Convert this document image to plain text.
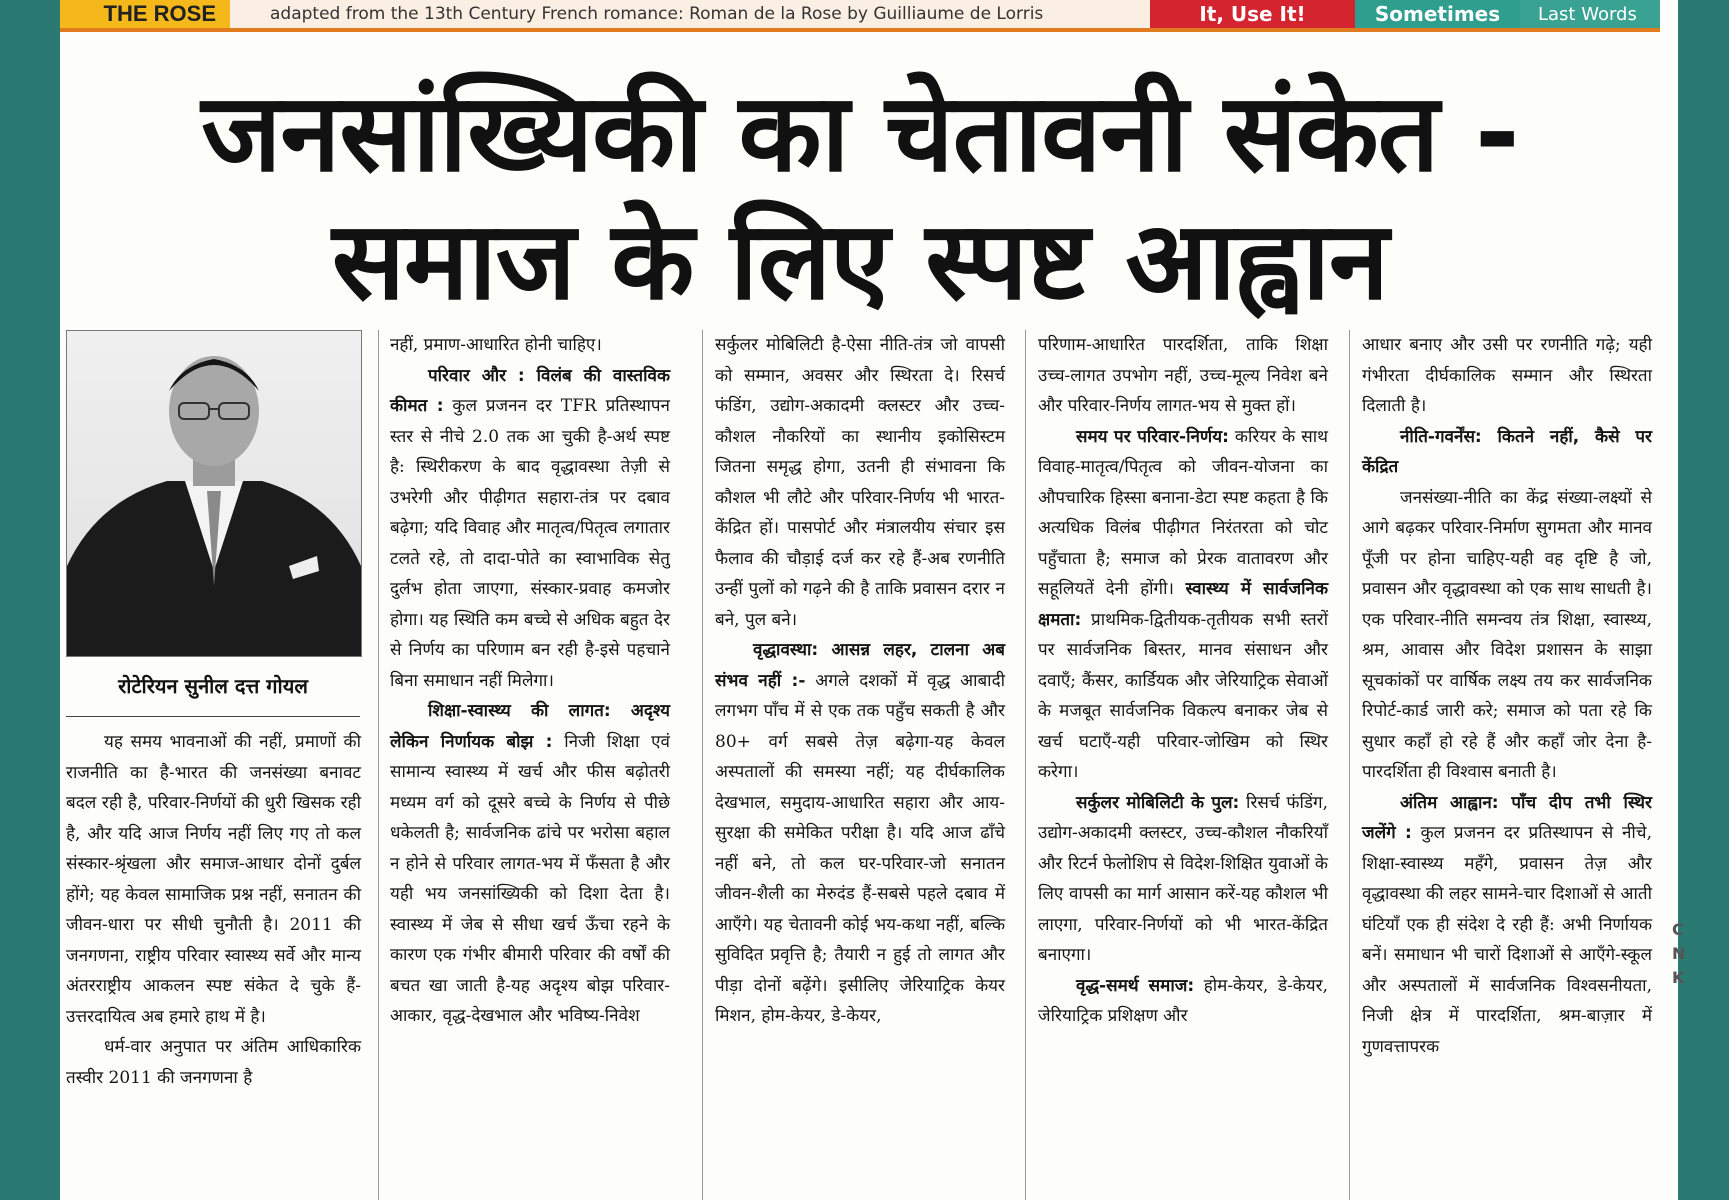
THE ROSE	adapted from the 13th Century French romance: Roman de la Rose by Guilliaume de Lorris	It, Use It!	Sometimes	Last Words
जनसांख्यिकी का चेतावनी संकेत -
समाज के लिए स्पष्ट आह्वान
रोटेरियन सुनील दत्त गोयल

यह समय भावनाओं की नहीं, प्रमाणों की राजनीति का है-भारत की जनसंख्या बनावट बदल रही है, परिवार-निर्णयों की धुरी खिसक रही है, और यदि आज निर्णय नहीं लिए गए तो कल संस्कार-श्रृंखला और समाज-आधार दोनों दुर्बल होंगे; यह केवल सामाजिक प्रश्न नहीं, सनातन की जीवन-धारा पर सीधी चुनौती है। 2011 की जनगणना, राष्ट्रीय परिवार स्वास्थ्य सर्वे और मान्य अंतरराष्ट्रीय आकलन स्पष्ट संकेत दे चुके हैं-उत्तरदायित्व अब हमारे हाथ में है।

धर्म-वार अनुपात पर अंतिम आधिकारिक तस्वीर 2011 की जनगणना है

नहीं, प्रमाण-आधारित होनी चाहिए।

परिवार और : विलंब की वास्तविक कीमत : कुल प्रजनन दर TFR प्रतिस्थापन स्तर से नीचे 2.0 तक आ चुकी है-अर्थ स्पष्ट है: स्थिरीकरण के बाद वृद्धावस्था तेज़ी से उभरेगी और पीढ़ीगत सहारा-तंत्र पर दबाव बढ़ेगा; यदि विवाह और मातृत्व/पितृत्व लगातार टलते रहे, तो दादा-पोते का स्वाभाविक सेतु दुर्लभ होता जाएगा, संस्कार-प्रवाह कमजोर होगा। यह स्थिति कम बच्चे से अधिक बहुत देर से निर्णय का परिणाम बन रही है-इसे पहचाने बिना समाधान नहीं मिलेगा।

शिक्षा-स्वास्थ्य की लागत: अदृश्य लेकिन निर्णायक बोझ : निजी शिक्षा एवं सामान्य स्वास्थ्य में खर्च और फीस बढ़ोतरी मध्यम वर्ग को दूसरे बच्चे के निर्णय से पीछे धकेलती है; सार्वजनिक ढांचे पर भरोसा बहाल न होने से परिवार लागत-भय में फँसता है और यही भय जनसांख्यिकी को दिशा देता है। स्वास्थ्य में जेब से सीधा खर्च ऊँचा रहने के कारण एक गंभीर बीमारी परिवार की वर्षों की बचत खा जाती है-यह अदृश्य बोझ परिवार-आकार, वृद्ध-देखभाल और भविष्य-निवेश

सर्कुलर मोबिलिटी है-ऐसा नीति-तंत्र जो वापसी को सम्मान, अवसर और स्थिरता दे। रिसर्च फंडिंग, उद्योग-अकादमी क्लस्टर और उच्च-कौशल नौकरियों का स्थानीय इकोसिस्टम जितना समृद्ध होगा, उतनी ही संभावना कि कौशल भी लौटे और परिवार-निर्णय भी भारत-केंद्रित हों। पासपोर्ट और मंत्रालयीय संचार इस फैलाव की चौड़ाई दर्ज कर रहे हैं-अब रणनीति उन्हीं पुलों को गढ़ने की है ताकि प्रवासन दरार न बने, पुल बने।

वृद्धावस्था: आसन्न लहर, टालना अब संभव नहीं :- अगले दशकों में वृद्ध आबादी लगभग पाँच में से एक तक पहुँच सकती है और 80+ वर्ग सबसे तेज़ बढ़ेगा-यह केवल अस्पतालों की समस्या नहीं; यह दीर्घकालिक देखभाल, समुदाय-आधारित सहारा और आय-सुरक्षा की समेकित परीक्षा है। यदि आज ढाँचे नहीं बने, तो कल घर-परिवार-जो सनातन जीवन-शैली का मेरुदंड हैं-सबसे पहले दबाव में आएँगे। यह चेतावनी कोई भय-कथा नहीं, बल्कि सुविदित प्रवृत्ति है; तैयारी न हुई तो लागत और पीड़ा दोनों बढ़ेंगे। इसीलिए जेरियाट्रिक केयर मिशन, होम-केयर, डे-केयर,

परिणाम-आधारित पारदर्शिता, ताकि शिक्षा उच्च-लागत उपभोग नहीं, उच्च-मूल्य निवेश बने और परिवार-निर्णय लागत-भय से मुक्त हों।

समय पर परिवार-निर्णय: करियर के साथ विवाह-मातृत्व/पितृत्व को जीवन-योजना का औपचारिक हिस्सा बनाना-डेटा स्पष्ट कहता है कि अत्यधिक विलंब पीढ़ीगत निरंतरता को चोट पहुँचाता है; समाज को प्रेरक वातावरण और सहूलियतें देनी होंगी। स्वास्थ्य में सार्वजनिक क्षमता: प्राथमिक-द्वितीयक-तृतीयक सभी स्तरों पर सार्वजनिक बिस्तर, मानव संसाधन और दवाएँ; कैंसर, कार्डियक और जेरियाट्रिक सेवाओं के मजबूत सार्वजनिक विकल्प बनाकर जेब से खर्च घटाएँ-यही परिवार-जोखिम को स्थिर करेगा।

सर्कुलर मोबिलिटी के पुल: रिसर्च फंडिंग, उद्योग-अकादमी क्लस्टर, उच्च-कौशल नौकरियाँ और रिटर्न फेलोशिप से विदेश-शिक्षित युवाओं के लिए वापसी का मार्ग आसान करें-यह कौशल भी लाएगा, परिवार-निर्णयों को भी भारत-केंद्रित बनाएगा।

वृद्ध-समर्थ समाज: होम-केयर, डे-केयर, जेरियाट्रिक प्रशिक्षण और

आधार बनाए और उसी पर रणनीति गढ़े; यही गंभीरता दीर्घकालिक सम्मान और स्थिरता दिलाती है।

नीति-गवर्नेंस: कितने नहीं, कैसे पर केंद्रित

जनसंख्या-नीति का केंद्र संख्या-लक्ष्यों से आगे बढ़कर परिवार-निर्माण सुगमता और मानव पूँजी पर होना चाहिए-यही वह दृष्टि है जो, प्रवासन और वृद्धावस्था को एक साथ साधती है। एक परिवार-नीति समन्वय तंत्र शिक्षा, स्वास्थ्य, श्रम, आवास और विदेश प्रशासन के साझा सूचकांकों पर वार्षिक लक्ष्य तय कर सार्वजनिक रिपोर्ट-कार्ड जारी करे; समाज को पता रहे कि सुधार कहाँ हो रहे हैं और कहाँ जोर देना है-पारदर्शिता ही विश्वास बनाती है।

अंतिम आह्वान: पाँच दीप तभी स्थिर जलेंगे : कुल प्रजनन दर प्रतिस्थापन से नीचे, शिक्षा-स्वास्थ्य महँगे, प्रवासन तेज़ और वृद्धावस्था की लहर सामने-चार दिशाओं से आती घंटियाँ एक ही संदेश दे रही हैं: अभी निर्णायक बनें। समाधान भी चारों दिशाओं से आएँगे-स्कूल और अस्पतालों में सार्वजनिक विश्वसनीयता, निजी क्षेत्र में पारदर्शिता, श्रम-बाज़ार में गुणवत्तापरक

C N K
